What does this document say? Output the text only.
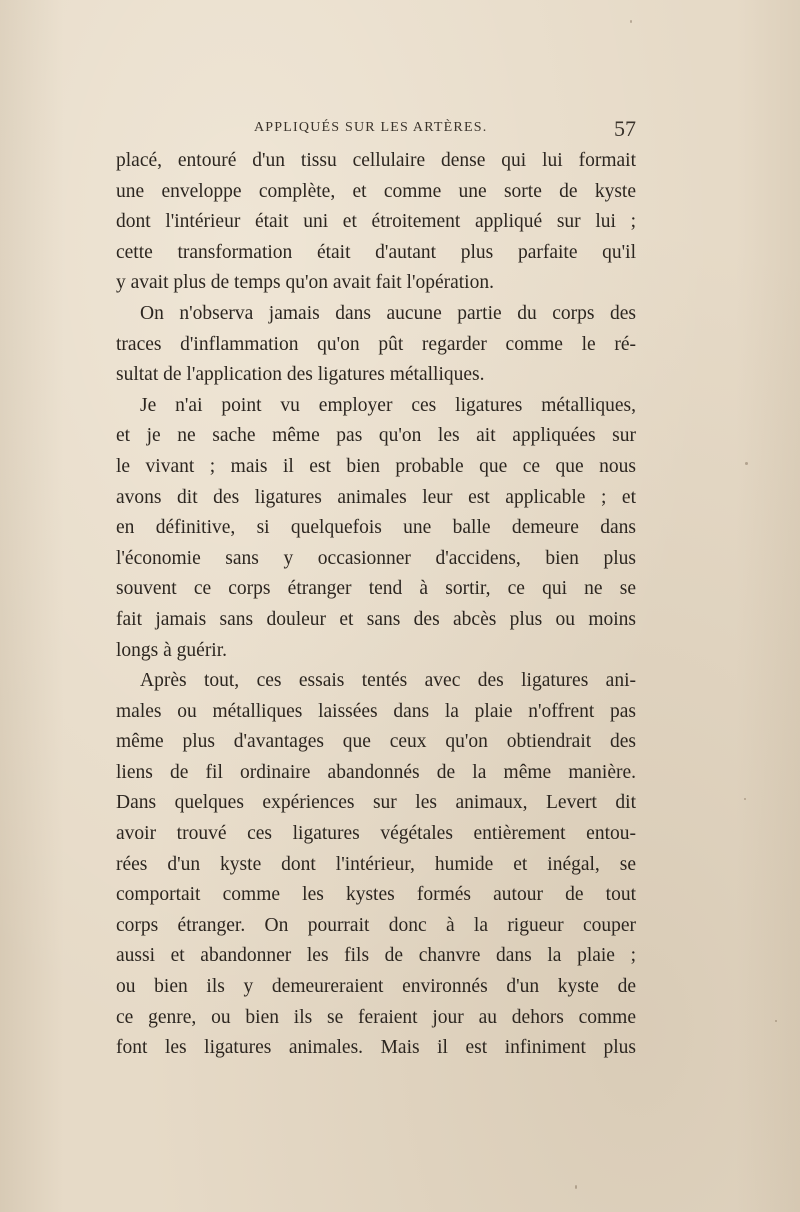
APPLIQUÉS SUR LES ARTÈRES.	57
placé, entouré d'un tissu cellulaire dense qui lui formait
une enveloppe complète, et comme une sorte de kyste
dont l'intérieur était uni et étroitement appliqué sur lui ;
cette transformation était d'autant plus parfaite qu'il
y avait plus de temps qu'on avait fait l'opération.
On n'observa jamais dans aucune partie du corps des
traces d'inflammation qu'on pût regarder comme le ré-
sultat de l'application des ligatures métalliques.
Je n'ai point vu employer ces ligatures métalliques,
et je ne sache même pas qu'on les ait appliquées sur
le vivant ; mais il est bien probable que ce que nous
avons dit des ligatures animales leur est applicable ; et
en définitive, si quelquefois une balle demeure dans
l'économie sans y occasionner d'accidens, bien plus
souvent ce corps étranger tend à sortir, ce qui ne se
fait jamais sans douleur et sans des abcès plus ou moins
longs à guérir.
Après tout, ces essais tentés avec des ligatures ani-
males ou métalliques laissées dans la plaie n'offrent pas
même plus d'avantages que ceux qu'on obtiendrait des
liens de fil ordinaire abandonnés de la même manière.
Dans quelques expériences sur les animaux, Levert dit
avoir trouvé ces ligatures végétales entièrement entou-
rées d'un kyste dont l'intérieur, humide et inégal, se
comportait comme les kystes formés autour de tout
corps étranger. On pourrait donc à la rigueur couper
aussi et abandonner les fils de chanvre dans la plaie ;
ou bien ils y demeureraient environnés d'un kyste de
ce genre, ou bien ils se feraient jour au dehors comme
font les ligatures animales. Mais il est infiniment plus
